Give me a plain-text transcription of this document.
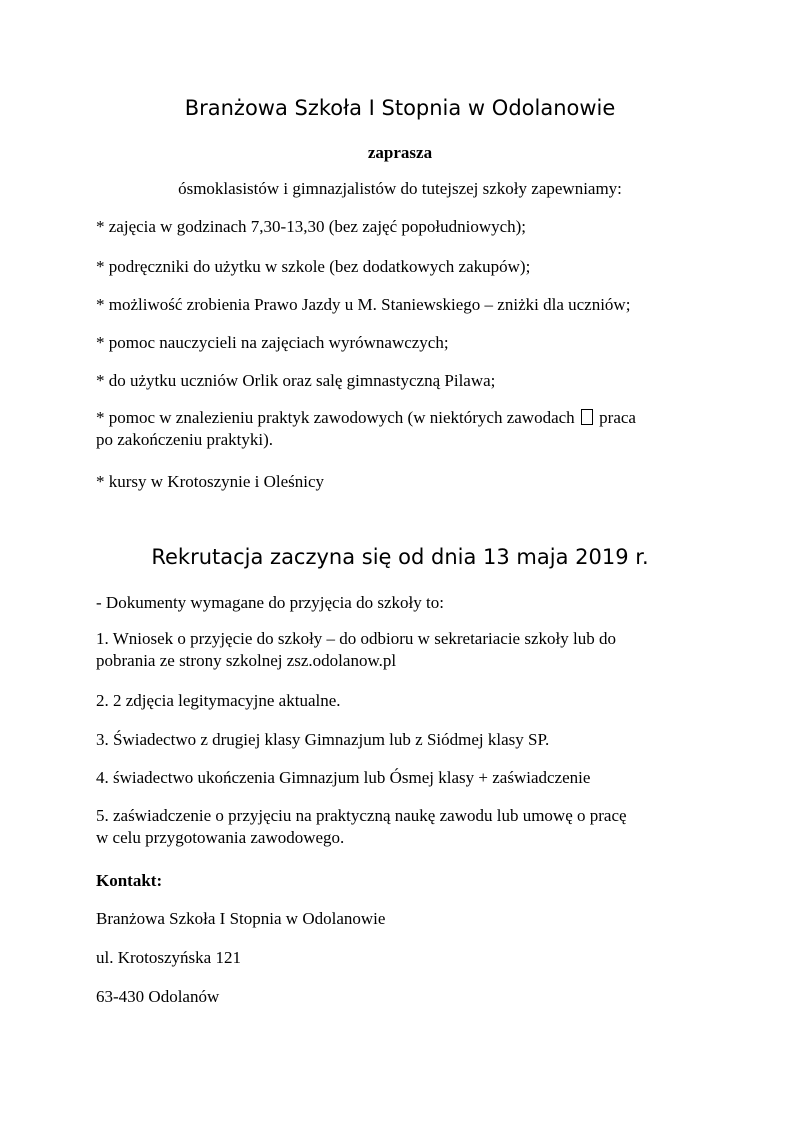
Branżowa Szkoła I Stopnia w Odolanowie
zaprasza
ósmoklasistów i gimnazjalistów do tutejszej szkoły zapewniamy:
* zajęcia w godzinach 7,30-13,30 (bez zajęć popołudniowych);
* podręczniki do użytku w szkole (bez dodatkowych zakupów);
* możliwość zrobienia Prawo Jazdy u M. Staniewskiego – zniżki dla uczniów;
* pomoc nauczycieli na zajęciach wyrównawczych;
* do użytku uczniów Orlik oraz salę gimnastyczną Pilawa;
* pomoc w znalezieniu praktyk zawodowych (w niektórych zawodach praca
po zakończeniu praktyki).
* kursy w Krotoszynie i Oleśnicy
Rekrutacja zaczyna się od dnia 13 maja 2019 r.
- Dokumenty wymagane do przyjęcia do szkoły to:
1. Wniosek o przyjęcie do szkoły – do odbioru w sekretariacie szkoły lub do
pobrania ze strony szkolnej zsz.odolanow.pl
2. 2 zdjęcia legitymacyjne aktualne.
3. Świadectwo z drugiej klasy Gimnazjum lub z Siódmej klasy SP.
4. świadectwo ukończenia Gimnazjum lub Ósmej klasy + zaświadczenie
5. zaświadczenie o przyjęciu na praktyczną naukę zawodu lub umowę o pracę
w celu przygotowania zawodowego.
Kontakt:
Branżowa Szkoła I Stopnia w Odolanowie
ul. Krotoszyńska 121
63-430 Odolanów
